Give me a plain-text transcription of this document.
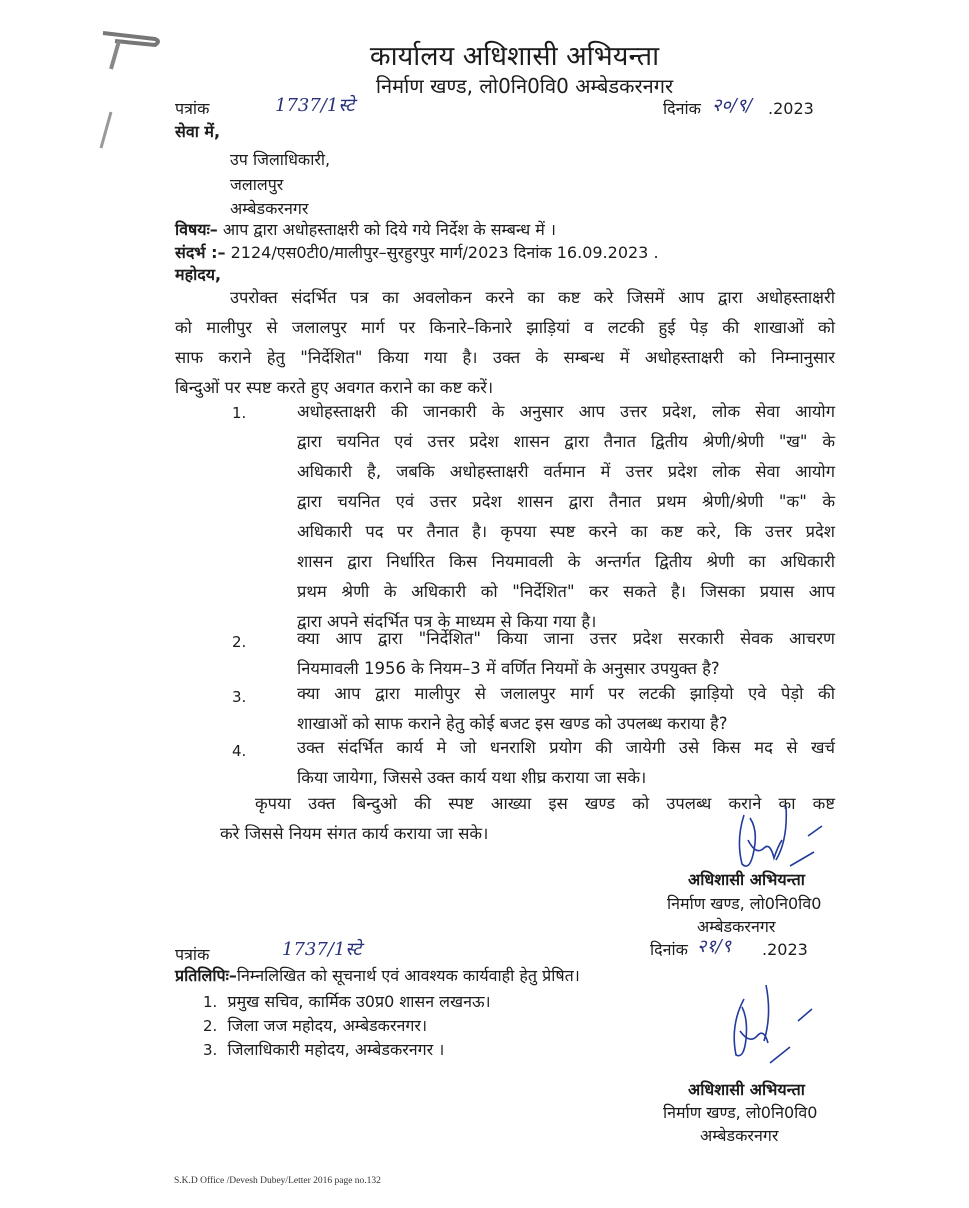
कार्यालय अधिशासी अभियन्ता
निर्माण खण्ड, लो0नि0वि0 अम्बेडकरनगर
पत्रांक	1737/1स्टे	दिनांक २०/९/ .2023
सेवा में,
उप जिलाधिकारी,
जलालपुर
अम्बेडकरनगर
विषयः– आप द्वारा अधोहस्ताक्षरी को दिये गये निर्देश के सम्बन्ध में ।
संदर्भ :– 2124/एस0टी0/मालीपुर–सुरहुरपुर मार्ग/2023 दिनांक 16.09.2023 .
महोदय,
उपरोक्त संदर्भित पत्र का अवलोकन करने का कष्ट करे जिसमें आप द्वारा अधोहस्ताक्षरी
को मालीपुर से जलालपुर मार्ग पर किनारे–किनारे झाड़ियां व लटकी हुई पेड़ की शाखाओं को
साफ कराने हेतु "निर्देशित" किया गया है। उक्त के सम्बन्ध में अधोहस्ताक्षरी को निम्नानुसार
बिन्दुओं पर स्पष्ट करते हुए अवगत कराने का कष्ट करें।
1.	अधोहस्ताक्षरी की जानकारी के अनुसार आप उत्तर प्रदेश, लोक सेवा आयोग
द्वारा चयनित एवं उत्तर प्रदेश शासन द्वारा तैनात द्वितीय श्रेणी/श्रेणी "ख" के
अधिकारी है, जबकि अधोहस्ताक्षरी वर्तमान में उत्तर प्रदेश लोक सेवा आयोग
द्वारा चयनित एवं उत्तर प्रदेश शासन द्वारा तैनात प्रथम श्रेणी/श्रेणी "क" के
अधिकारी पद पर तैनात है। कृपया स्पष्ट करने का कष्ट करे, कि उत्तर प्रदेश
शासन द्वारा निर्धारित किस नियमावली के अन्तर्गत द्वितीय श्रेणी का अधिकारी
प्रथम श्रेणी के अधिकारी को "निर्देशित" कर सकते है। जिसका प्रयास आप
द्वारा अपने संदर्भित पत्र के माध्यम से किया गया है।
2.	क्या आप द्वारा "निर्देशित" किया जाना उत्तर प्रदेश सरकारी सेवक आचरण
नियमावली 1956 के नियम–3 में वर्णित नियमों के अनुसार उपयुक्त है?
3.	क्या आप द्वारा मालीपुर से जलालपुर मार्ग पर लटकी झाड़ियो एवे पेड़ो की
शाखाओं को साफ कराने हेतु कोई बजट इस खण्ड को उपलब्ध कराया है?
4.	उक्त संदर्भित कार्य मे जो धनराशि प्रयोग की जायेगी उसे किस मद से खर्च
किया जायेगा, जिससे उक्त कार्य यथा शीघ्र कराया जा सके।
कृपया उक्त बिन्दुओ की स्पष्ट आख्या इस खण्ड को उपलब्ध कराने का कष्ट
करे जिससे नियम संगत कार्य कराया जा सके।
अधिशासी अभियन्ता
निर्माण खण्ड, लो0नि0वि0
अम्बेडकरनगर
दिनांक २१/९ .2023
पत्रांक	1737/1स्टे
प्रतिलिपिः–निम्नलिखित को सूचनार्थ एवं आवश्यक कार्यवाही हेतु प्रेषित।
1. प्रमुख सचिव, कार्मिक उ0प्र0 शासन लखनऊ।
2. जिला जज महोदय, अम्बेडकरनगर।
3. जिलाधिकारी महोदय, अम्बेडकरनगर ।
अधिशासी अभियन्ता
निर्माण खण्ड, लो0नि0वि0
अम्बेडकरनगर
S.K.D Office /Devesh Dubey/Letter 2016 page no.132
